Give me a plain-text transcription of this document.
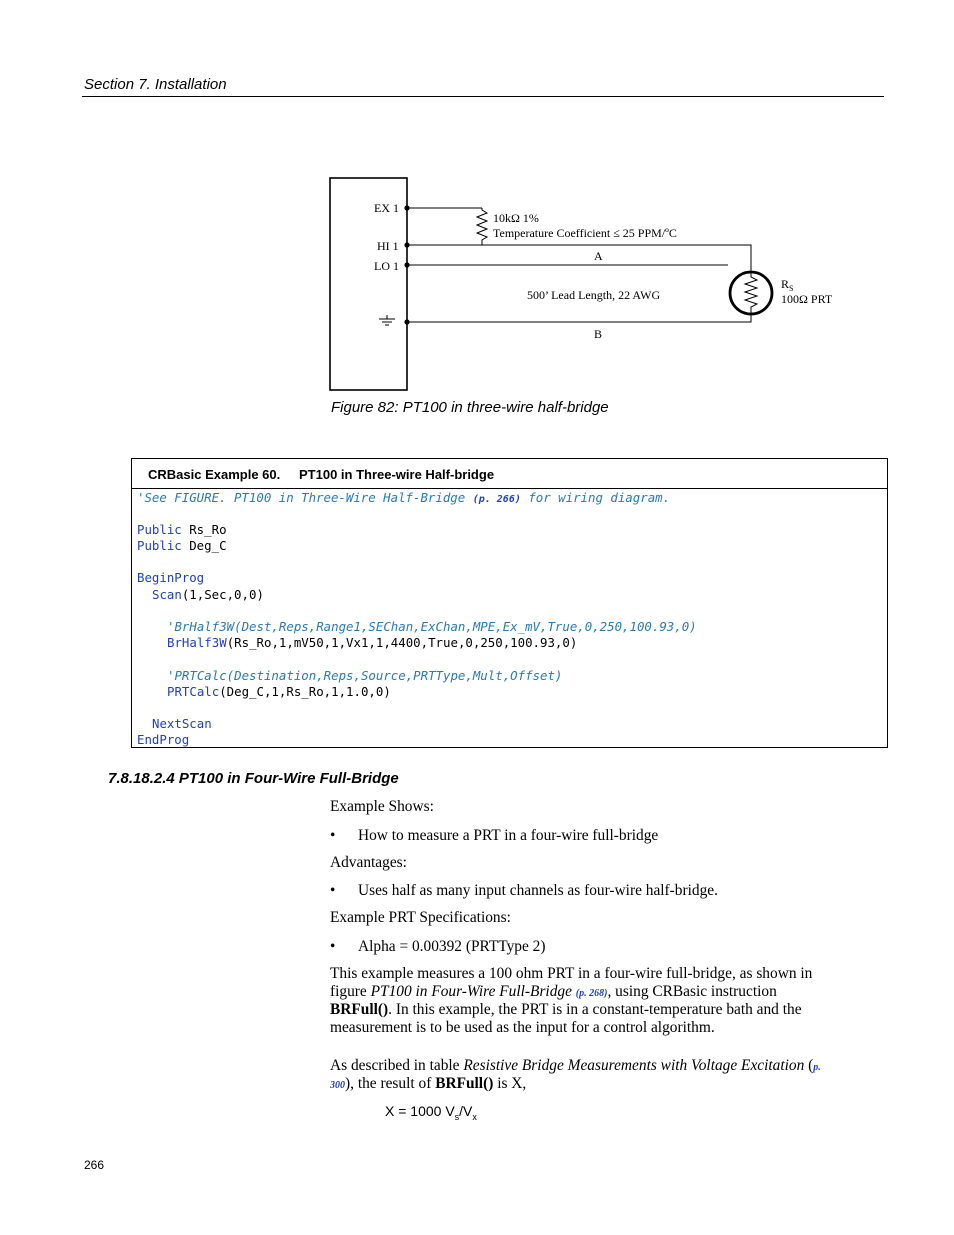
Section 7. Installation
EX 1
HI 1
LO 1
10kΩ 1%
Temperature Coefficient ≤ 25 PPM/ºC
A
500’ Lead Length, 22 AWG
B
$R_S$
100Ω PRT
Figure 82: PT100 in three-wire half-bridge
CRBasic Example 60. PT100 in Three-wire Half-bridge
'See FIGURE. PT100 in Three-Wire Half-Bridge (p. 266) for wiring diagram.
Public Rs_Ro
Public Deg_C
BeginProg
Scan(1,Sec,0,0)
'BrHalf3W(Dest,Reps,Range1,SEChan,ExChan,MPE,Ex_mV,True,0,250,100.93,0)
BrHalf3W(Rs_Ro,1,mV50,1,Vx1,1,4400,True,0,250,100.93,0)
'PRTCalc(Destination,Reps,Source,PRTType,Mult,Offset)
PRTCalc(Deg_C,1,Rs_Ro,1,1.0,0)
NextScan
EndProg
7.8.18.2.4 PT100 in Four-Wire Full-Bridge
Example Shows:
• How to measure a PRT in a four-wire full-bridge
Advantages:
• Uses half as many input channels as four-wire half-bridge.
Example PRT Specifications:
• Alpha = 0.00392 (PRTType 2)
This example measures a 100 ohm PRT in a four-wire full-bridge, as shown in
figure PT100 in Four-Wire Full-Bridge (p. 268), using CRBasic instruction
BRFull(). In this example, the PRT is in a constant-temperature bath and the
measurement is to be used as the input for a control algorithm.
As described in table Resistive Bridge Measurements with Voltage Excitation (p.
300), the result of BRFull() is X,
X = 1000 $V_s/V_x$
266
